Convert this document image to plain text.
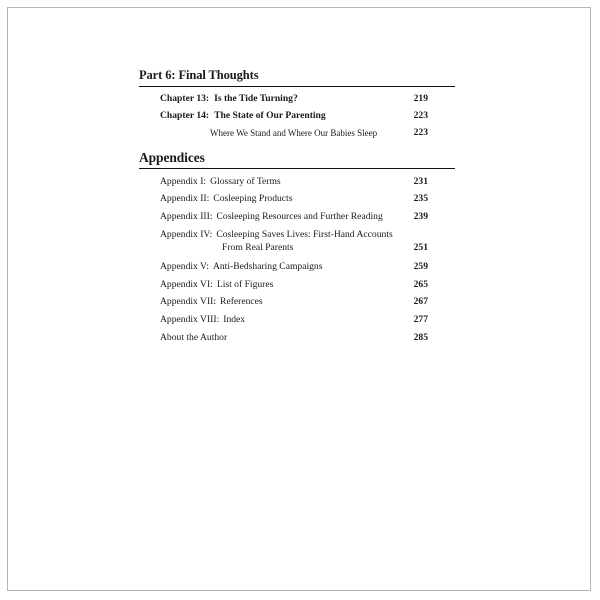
Part 6: Final Thoughts
Chapter 13: Is the Tide Turning?	219
Chapter 14: The State of Our Parenting	223
Where We Stand and Where Our Babies Sleep	223
Appendices
Appendix I: Glossary of Terms	231
Appendix II: Cosleeping Products	235
Appendix III: Cosleeping Resources and Further Reading	239
Appendix IV: Cosleeping Saves Lives: First-Hand Accounts
From Real Parents	251
Appendix V: Anti-Bedsharing Campaigns	259
Appendix VI: List of Figures	265
Appendix VII: References	267
Appendix VIII: Index	277
About the Author	285
